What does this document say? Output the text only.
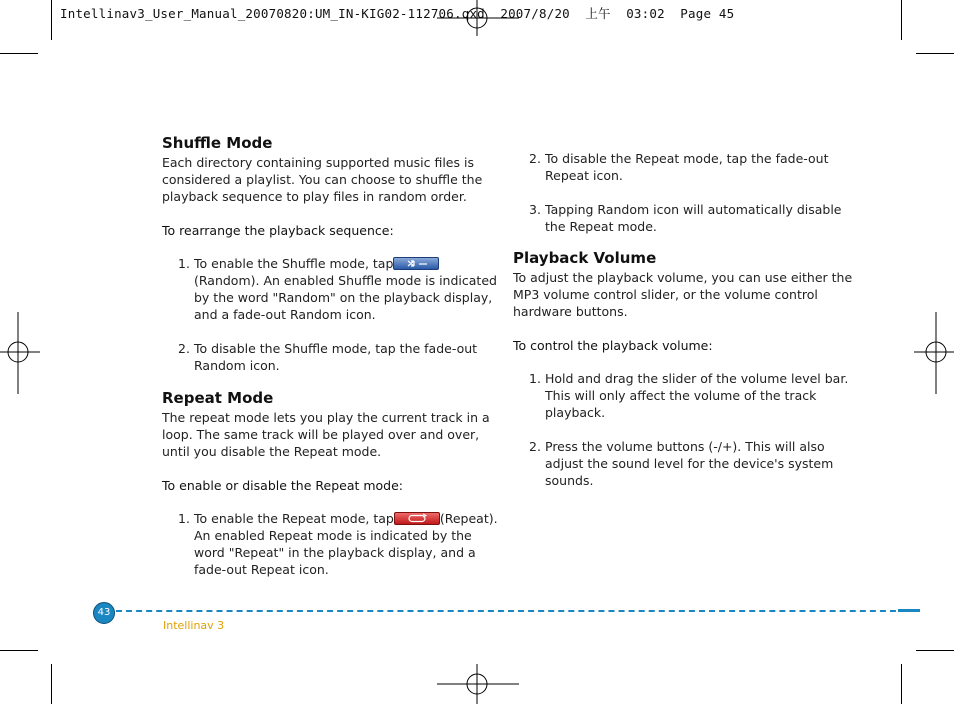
Intellinav3_User_Manual_20070820:UM_IN-KIG02-112706.qxd  2007/8/20  上午  03:02  Page 45
Shuffle Mode

Each directory containing supported music files is considered a playlist. You can choose to shuffle the playback sequence to play files in random order.

To rearrange the playback sequence:

1. To enable the Shuffle mode, tap
(Random). An enabled Shuffle mode is indicated by the word "Random" on the playback display, and a fade-out Random icon.
2. To disable the Shuffle mode, tap the fade-out Random icon.
Repeat Mode

The repeat mode lets you play the current track in a loop. The same track will be played over and over, until you disable the Repeat mode.

To enable or disable the Repeat mode:

1. To enable the Repeat mode, tap	(Repeat). An enabled Repeat mode is indicated by the word "Repeat" in the playback display, and a fade-out Repeat icon.
2. To disable the Repeat mode, tap the fade-out Repeat icon.
3. Tapping Random icon will automatically disable the Repeat mode.
Playback Volume

To adjust the playback volume, you can use either the MP3 volume control slider, or the volume control hardware buttons.

To control the playback volume:

1. Hold and drag the slider of the volume level bar. This will only affect the volume of the track playback.
2. Press the volume buttons (-/+). This will also adjust the sound level for the device's system sounds.
43
Intellinav 3
